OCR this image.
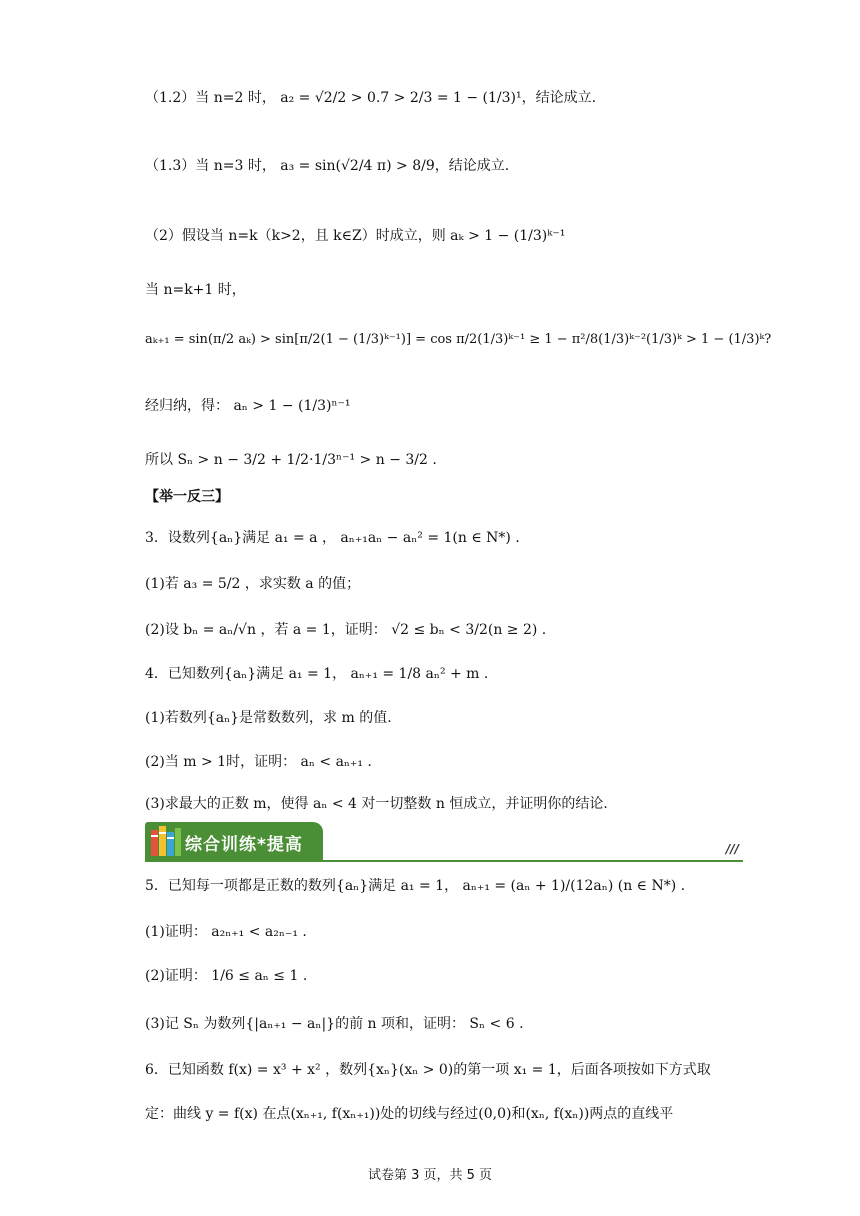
（1.2）当 n=2 时， a₂ = √2/2 > 0.7 > 2/3 = 1 − (1/3)¹，结论成立.
（1.3）当 n=3 时， a₃ = sin(√2/4 π) > 8/9，结论成立.
（2）假设当 n=k（k>2，且 k∈Z）时成立，则 aₖ > 1 − (1/3)ᵏ⁻¹
当 n=k+1 时，
aₖ₊₁ = sin(π/2 aₖ) > sin[π/2(1 − (1/3)ᵏ⁻¹)] = cos π/2(1/3)ᵏ⁻¹ ≥ 1 − π²/8(1/3)ᵏ⁻²(1/3)ᵏ > 1 − (1/3)ᵏ?
经归纳，得： aₙ > 1 − (1/3)ⁿ⁻¹
所以 Sₙ > n − 3/2 + 1/2·1/3ⁿ⁻¹ > n − 3/2 .
【举一反三】
3．设数列{aₙ}满足 a₁ = a ， aₙ₊₁aₙ − aₙ² = 1(n ∈ N*) .
(1)若 a₃ = 5/2 ，求实数 a 的值；
(2)设 bₙ = aₙ/√n ，若 a = 1，证明： √2 ≤ bₙ < 3/2(n ≥ 2) .
4．已知数列{aₙ}满足 a₁ = 1， aₙ₊₁ = 1/8 aₙ² + m .
(1)若数列{aₙ}是常数数列，求 m 的值.
(2)当 m > 1时，证明： aₙ < aₙ₊₁ .
(3)求最大的正数 m，使得 aₙ < 4 对一切整数 n 恒成立，并证明你的结论.
综合训练*提高	///
5．已知每一项都是正数的数列{aₙ}满足 a₁ = 1， aₙ₊₁ = (aₙ + 1)/(12aₙ) (n ∈ N*) .
(1)证明： a₂ₙ₊₁ < a₂ₙ₋₁ .
(2)证明： 1/6 ≤ aₙ ≤ 1 .
(3)记 Sₙ 为数列{|aₙ₊₁ − aₙ|}的前 n 项和，证明： Sₙ < 6 .
6．已知函数 f(x) = x³ + x² ，数列{xₙ}(xₙ > 0)的第一项 x₁ = 1，后面各项按如下方式取
定：曲线 y = f(x) 在点(xₙ₊₁, f(xₙ₊₁))处的切线与经过(0,0)和(xₙ, f(xₙ))两点的直线平
试卷第 3 页，共 5 页
